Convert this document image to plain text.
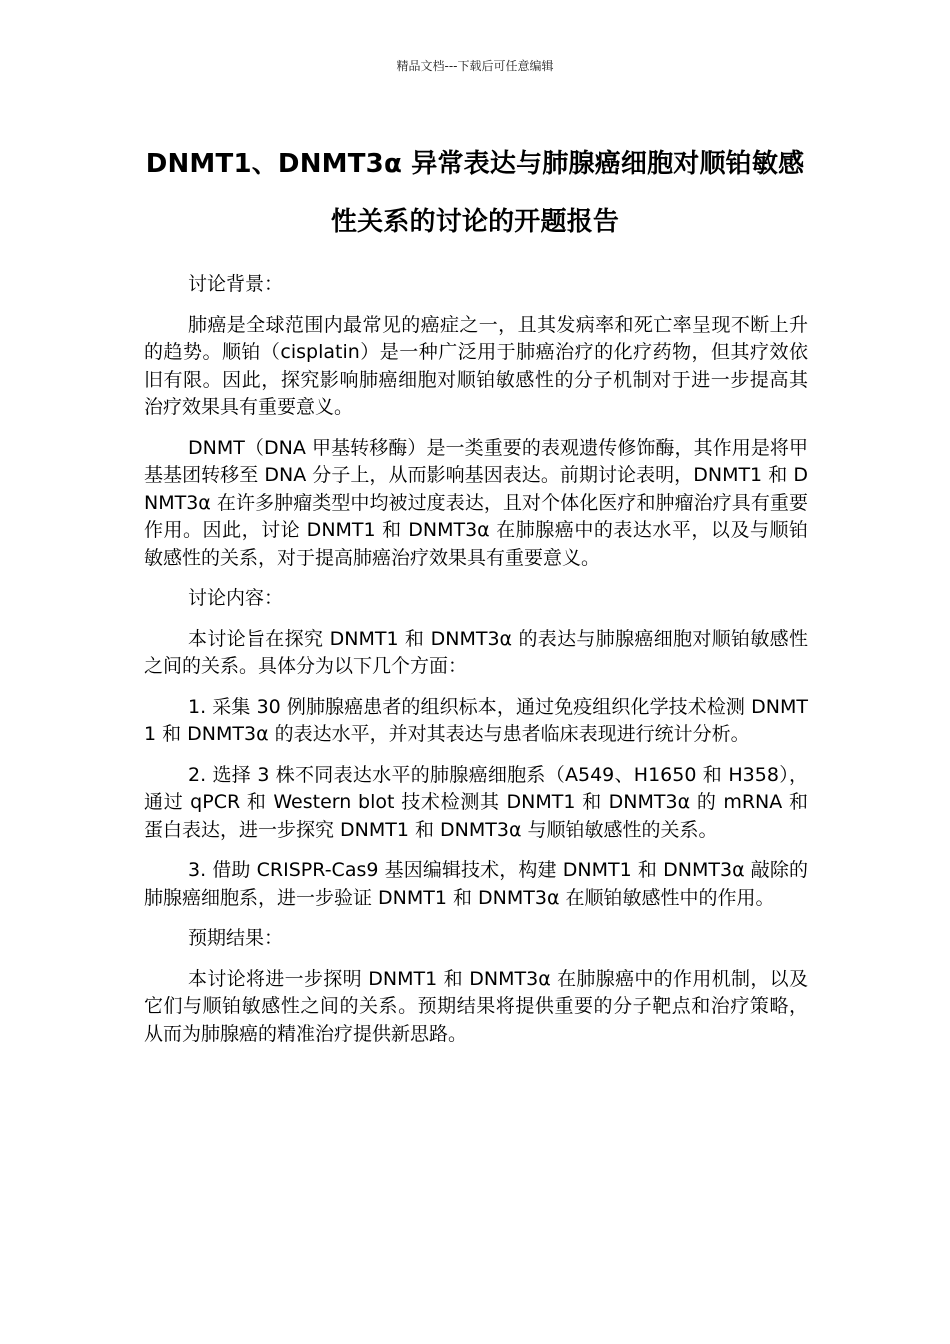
精品文档---下载后可任意编辑
DNMT1、DNMT3α 异常表达与肺腺癌细胞对顺铂敏感性关系的讨论的开题报告

讨论背景：

肺癌是全球范围内最常见的癌症之一，且其发病率和死亡率呈现不断上升的趋势。顺铂（cisplatin）是一种广泛用于肺癌治疗的化疗药物，但其疗效依旧有限。因此，探究影响肺癌细胞对顺铂敏感性的分子机制对于进一步提高其治疗效果具有重要意义。

DNMT（DNA 甲基转移酶）是一类重要的表观遗传修饰酶，其作用是将甲基基团转移至 DNA 分子上，从而影响基因表达。前期讨论表明，DNMT1 和 DNMT3α 在许多肿瘤类型中均被过度表达，且对个体化医疗和肿瘤治疗具有重要作用。因此，讨论 DNMT1 和 DNMT3α 在肺腺癌中的表达水平，以及与顺铂敏感性的关系，对于提高肺癌治疗效果具有重要意义。

讨论内容：

本讨论旨在探究 DNMT1 和 DNMT3α 的表达与肺腺癌细胞对顺铂敏感性之间的关系。具体分为以下几个方面：

1. 采集 30 例肺腺癌患者的组织标本，通过免疫组织化学技术检测 DNMT1 和 DNMT3α 的表达水平，并对其表达与患者临床表现进行统计分析。

2. 选择 3 株不同表达水平的肺腺癌细胞系（A549、H1650 和 H358），通过 qPCR 和 Western blot 技术检测其 DNMT1 和 DNMT3α 的 mRNA 和蛋白表达，进一步探究 DNMT1 和 DNMT3α 与顺铂敏感性的关系。

3. 借助 CRISPR-Cas9 基因编辑技术，构建 DNMT1 和 DNMT3α 敲除的肺腺癌细胞系，进一步验证 DNMT1 和 DNMT3α 在顺铂敏感性中的作用。

预期结果：

本讨论将进一步探明 DNMT1 和 DNMT3α 在肺腺癌中的作用机制，以及它们与顺铂敏感性之间的关系。预期结果将提供重要的分子靶点和治疗策略，从而为肺腺癌的精准治疗提供新思路。
